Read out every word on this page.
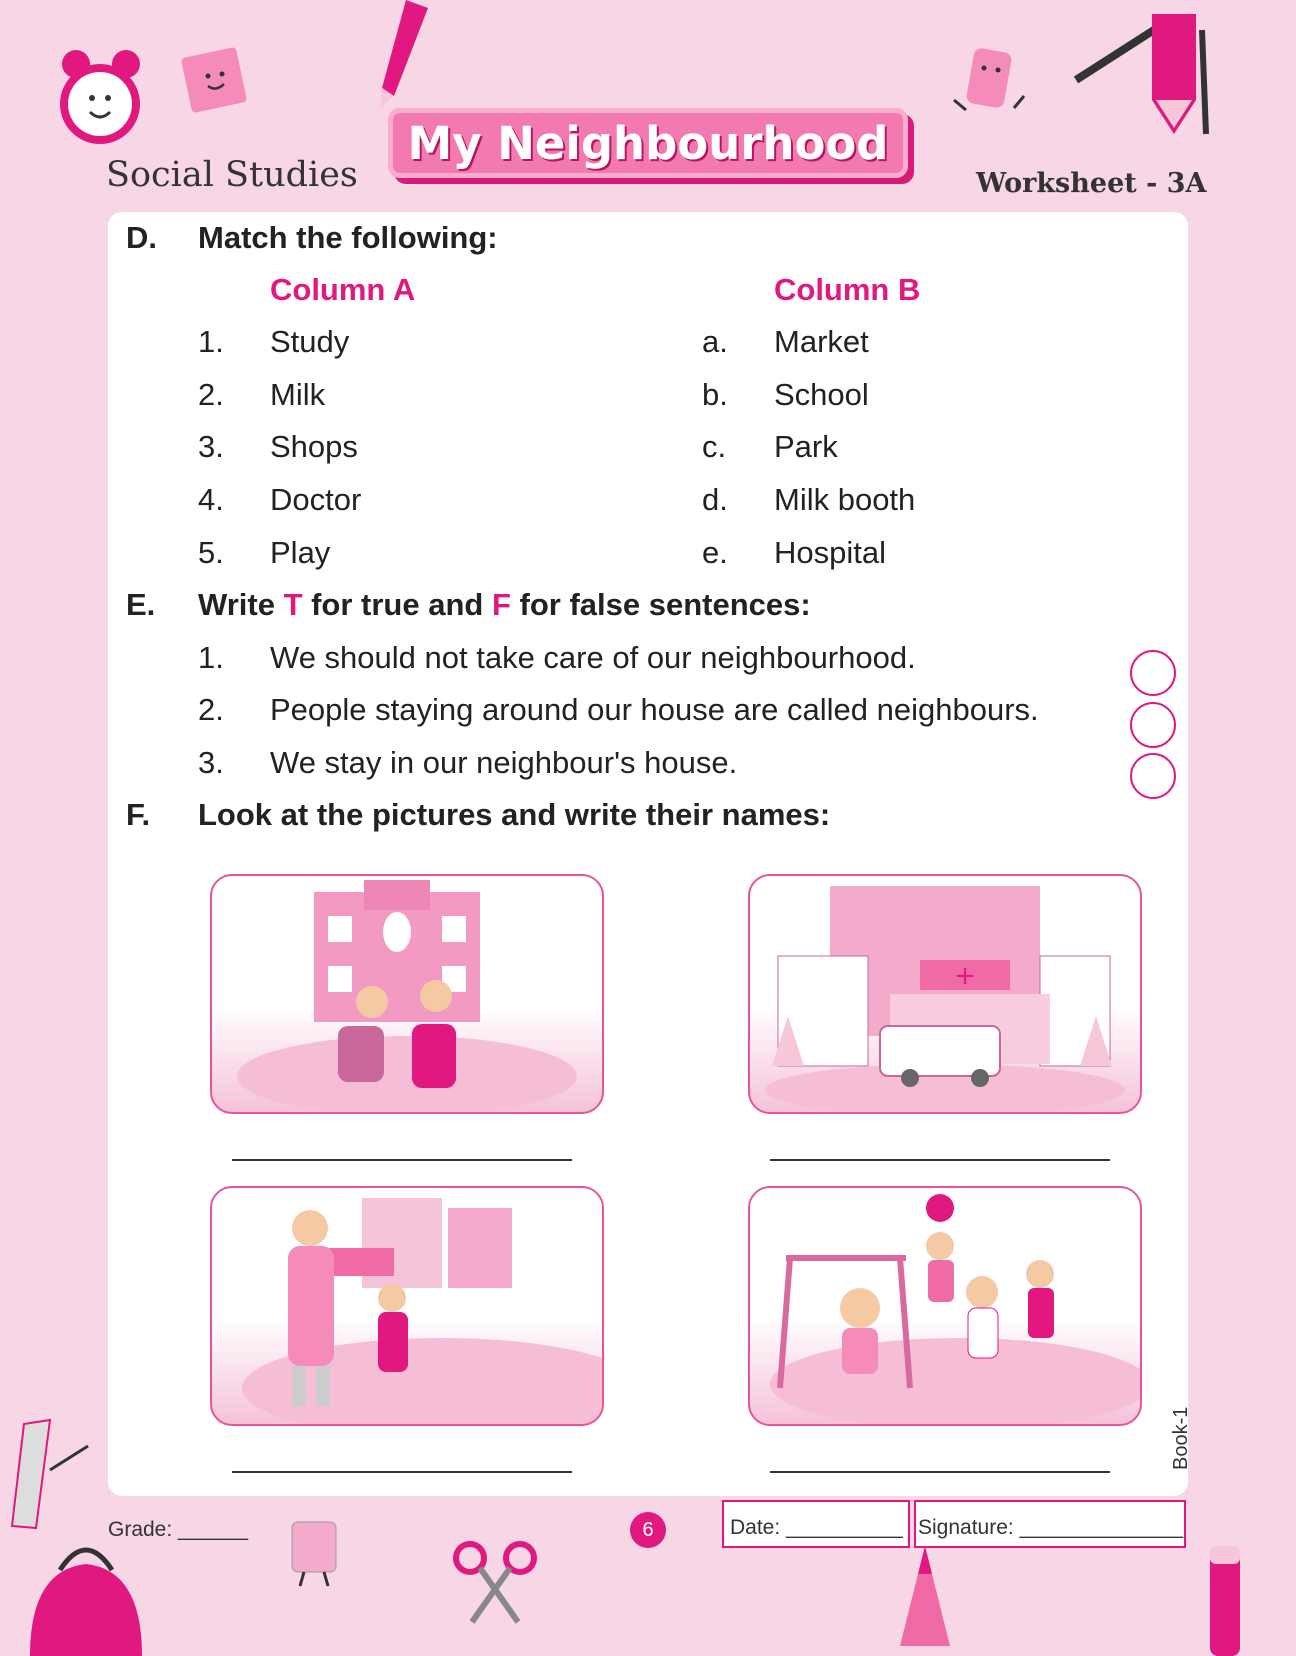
Social Studies
My Neighbourhood
Worksheet - 3A
D. Match the following:
Column A	Column B
1. Study	a. Market
2. Milk	b. School
3. Shops	c. Park
4. Doctor	d. Milk booth
5. Play	e. Hospital
E. Write T for true and F for false sentences:
1. We should not take care of our neighbourhood.
2. People staying around our house are called neighbours.
3. We stay in our neighbour's house.
F. Look at the pictures and write their names:
+
Book-1
Grade: ______	6	Date: __________ Signature: ______________
